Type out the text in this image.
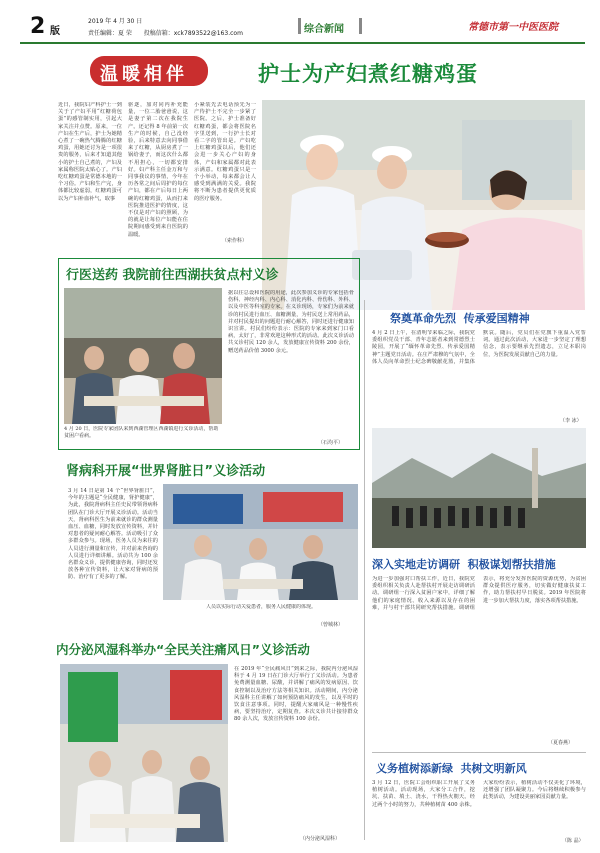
2 版
2019 年 4 月 30 日
责任编辑：夏 荣 投稿信箱：xck7893522@163.com	综合新闻	常德市第一中医医院
温暖相伴	护士为产妇煮红糖鸡蛋
近日，我院妇产科护士一到关于了产妇平用“红糖荷包蛋”的感管制实用，引起大家关注并点赞。原来，一位产妇在生产后，护士为她精心煮了一碗热气腾腾的红糖鸡蛋，用她还讨为是一项很贵的服务，后来才知道其他小的护士自己煮的，产妇及家属称医院太贴心了。产妇吃红糖鸡蛋是常德本地的一个习俗。产妇和生产完，身体都比较虚弱，红糖鸡蛋可以为产妇补血补气，取事
驱逐，加对同内补充能量，一位二胎爸爸说，这是妻子第二次在我院生产。还记得 8 年前第一次生产的时候，自己没经验，后来特意去向同事借来了红糖，从厨房煮了一锅给妻子，而这次什么都不用担心，一切都安排好。妇产科主任金万和与同事我议的事情，今年在历各常之间后周护的每位产妇，都在产后每日上两碗的红糖鸡蛋，从而打来医院推进医护的情度，这不仅是对产妇的照顾，为的就是让每位产妇能在住院期间感受到来自医院的温暖。
小紧装先去电话预先为一产待护士不完全一步紧了医院。之后，护士准备好红糖鸡蛋，都会将医院名字里送到，一行护士长对看二字的管出是。产妇吃上红糖鸡蛋以后，他们还会进一步关心产妇的身体，产妇和家属都对此表示满意。红糖鸡蛋只是一个小举动，每来都会让人感受到满满的关爱。我院将不断为患者提供更优质的医疗服务。
（索作科）
行医送药 我院前往西湖扶贫点村义诊
4 月 20 日，医院专家团队来到西湖管理区西湖镇进行义诊活动，帮助贫困户看病。
据以往总设和医院的用途，此次参加义诊的专家包括骨伤科、神经内科、内心科、消化内科、骨伤科、外科、以及中医等科室的专家。在义诊现场，专家们为前来就诊的村民进行血压、血糖测量，为村民送上常用药品，并对村民提出的问题进行耐心解答，同时还进行健康知识宣讲。村民们纷纷表示：医院的专家来到家门口看病，太好了，非常欢迎这种形式的活动。此次义诊活动共义诊村民 120 余人，发放健康宣传资料 200 余份，赠送药品价值 3000 余元。
（石均平）
肾病科开展“世界肾脏日”义诊活动
3 月 14 日是第 14 个“世界肾脏日”，今年的主题是“全民健康，肾护健康”，为此，我院肾病科主任史民带领肾病科团队在门诊大厅开展义诊活动。活动当天，肾病科医生为前来就诊的群众测量血压、血糖，同时发放宣传资料，并针对患者的疑问耐心解答。活动吸引了众多群众参与。现场，医务人员为来往的人员进行测量和宣传，并对前来咨询的人员进行详细讲解。活动共为 100 余名群众义诊，提供健康咨询，同时还发放各种宣传资料，让大家对肾病的预防、治疗有了更多的了解。
人员以实际行动关爱患者，服务人民健康的体现。
（曾城林）
内分泌风湿科举办“全民关注痛风日”义诊活动
在 2019 年“全民痛风日”到来之际，我院内分泌风湿科于 4 月 19 日在门诊大厅举行了义诊活动。为患者免费测量血糖、尿酸，并讲解了痛风的发病原因、饮食控制以及治疗方法等相关知识。活动期间，内分泌风湿科主任讲解了如何预防痛风的发生，以及平时的饮食注意事项。同时，提醒大家痛风是一种慢性疾病，要坚持治疗，定期复查。本次义诊共计接待群众 80 余人次，发放宣传资料 100 余份。
（内分泌风湿科）
祭奠革命先烈  传承爱国精神
4 月 2 日上午，在清明节来临之际，我院党委组织党员干部、青年志愿者来到常德烈士陵园，开展了“缅怀革命先烈、传承爱国精神”主题党日活动。在庄严肃穆的气氛中，全体人员向革命烈士纪念碑敬献花篮，并集体默哀。随后，党员们在党旗下重温入党誓词。通过此次活动，大家进一步坚定了理想信念，表示要继承先烈遗志，立足本职岗位，为医院发展贡献自己的力量。
（李 冰）
深入实地走访调研  积极谋划帮扶措施
为进一步加强对口帮扶工作，近日，我院党委组织相关负责人赴帮扶村开展走访调研活动。调研组一行深入贫困户家中，详细了解他们的家庭情况、收入来源以及存在的困难，并与村干部共同研究帮扶措施。调研组表示，将充分发挥医院的资源优势，为贫困群众提供医疗服务，切实做好健康扶贫工作，助力帮扶村早日脱贫。2019 年医院将进一步加大帮扶力度，落实各项帮扶措施。
（夏春燕）
义务植树添新绿  共树文明新风
3 月 12 日，医院工会组织职工开展了义务植树活动。活动现场，大家分工合作，挖坑、扶苗、填土、浇水，干得热火朝天。经过两个小时的努力，共种植树苗 400 余株。大家纷纷表示，植树活动不仅美化了环境，还增强了团队凝聚力。今后将继续积极参与此类活动，为建设美丽家园贡献力量。
（陈 晶）
